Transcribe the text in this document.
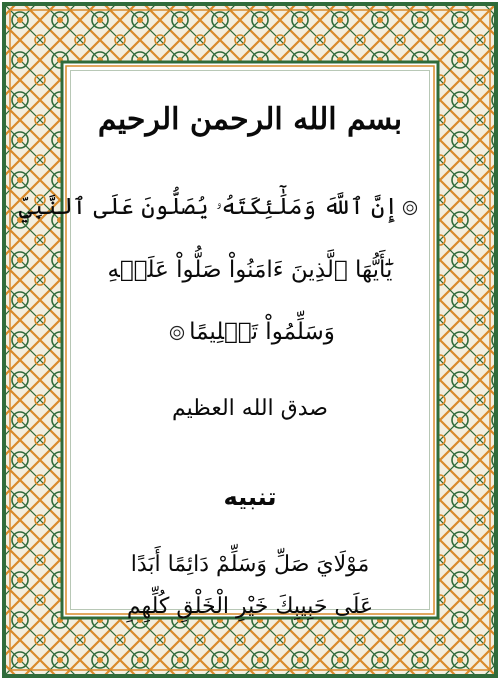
بسم الله الرحمن الرحيم
إِنَّ ٱللَّهَ وَمَلَٰٓئِكَتَهُۥ يُصَلُّونَ عَلَى ٱلنَّبِيِّ
يَٰٓأَيُّهَا ٱلَّذِينَ ءَامَنُواْ صَلُّواْ عَلَيۡهِ
وَسَلِّمُواْ تَسۡلِيمًا
صدق الله العظيم
تنبيه
مَوْلَايَ صَلِّ وَسَلِّمْ دَائِمًا أَبَدًا
عَلَى حَبِيبِكَ خَيْرِ الْخَلْقِ كُلِّهِمِ
